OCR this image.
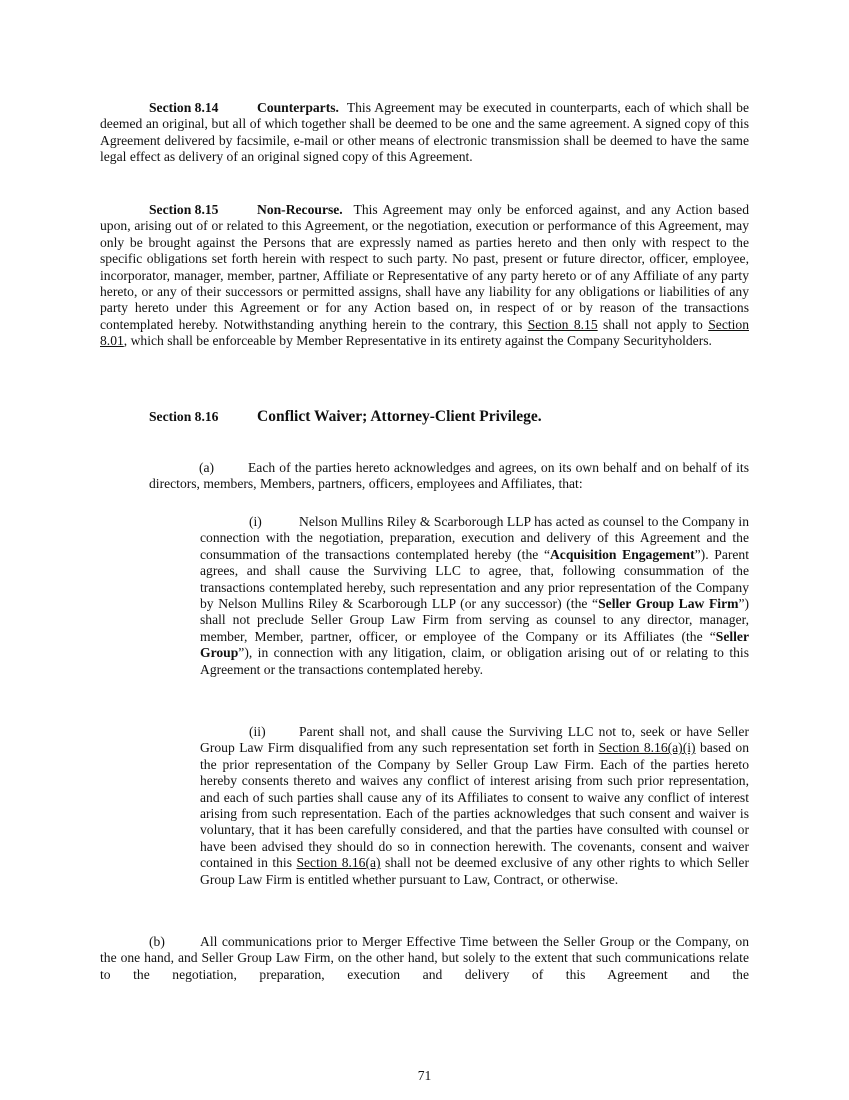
Section 8.14	Counterparts. This Agreement may be executed in counterparts, each of which shall be deemed an original, but all of which together shall be deemed to be one and the same agreement. A signed copy of this Agreement delivered by facsimile, e-mail or other means of electronic transmission shall be deemed to have the same legal effect as delivery of an original signed copy of this Agreement.

Section 8.15	Non-Recourse. This Agreement may only be enforced against, and any Action based upon, arising out of or related to this Agreement, or the negotiation, execution or performance of this Agreement, may only be brought against the Persons that are expressly named as parties hereto and then only with respect to the specific obligations set forth herein with respect to such party. No past, present or future director, officer, employee, incorporator, manager, member, partner, Affiliate or Representative of any party hereto or of any Affiliate of any party hereto, or any of their successors or permitted assigns, shall have any liability for any obligations or liabilities of any party hereto under this Agreement or for any Action based on, in respect of or by reason of the transactions contemplated hereby. Notwithstanding anything herein to the contrary, this Section 8.15 shall not apply to Section 8.01, which shall be enforceable by Member Representative in its entirety against the Company Securityholders.

Section 8.16 Conflict Waiver; Attorney-Client Privilege.

(a) Each of the parties hereto acknowledges and agrees, on its own behalf and on behalf of its directors, members, Members, partners, officers, employees and Affiliates, that:

(i)	Nelson Mullins Riley & Scarborough LLP has acted as counsel to the Company in connection with the negotiation, preparation, execution and delivery of this Agreement and the consummation of the transactions contemplated hereby (the “Acquisition Engagement”). Parent agrees, and shall cause the Surviving LLC to agree, that, following consummation of the transactions contemplated hereby, such representation and any prior representation of the Company by Nelson Mullins Riley & Scarborough LLP (or any successor) (the “Seller Group Law Firm”) shall not preclude Seller Group Law Firm from serving as counsel to any director, manager, member, Member, partner, officer, or employee of the Company or its Affiliates (the “Seller Group”), in connection with any litigation, claim, or obligation arising out of or relating to this Agreement or the transactions contemplated hereby.

(ii) Parent shall not, and shall cause the Surviving LLC not to, seek or have Seller Group Law Firm disqualified from any such representation set forth in Section 8.16(a)(i) based on the prior representation of the Company by Seller Group Law Firm. Each of the parties hereto hereby consents thereto and waives any conflict of interest arising from such prior representation, and each of such parties shall cause any of its Affiliates to consent to waive any conflict of interest arising from such representation. Each of the parties acknowledges that such consent and waiver is voluntary, that it has been carefully considered, and that the parties have consulted with counsel or have been advised they should do so in connection herewith. The covenants, consent and waiver contained in this Section 8.16(a) shall not be deemed exclusive of any other rights to which Seller Group Law Firm is entitled whether pursuant to Law, Contract, or otherwise.

(b)	All communications prior to Merger Effective Time between the Seller Group or the Company, on the one hand, and Seller Group Law Firm, on the other hand, but solely to the extent that such communications relate to the negotiation, preparation, execution and delivery of this Agreement and the

71
